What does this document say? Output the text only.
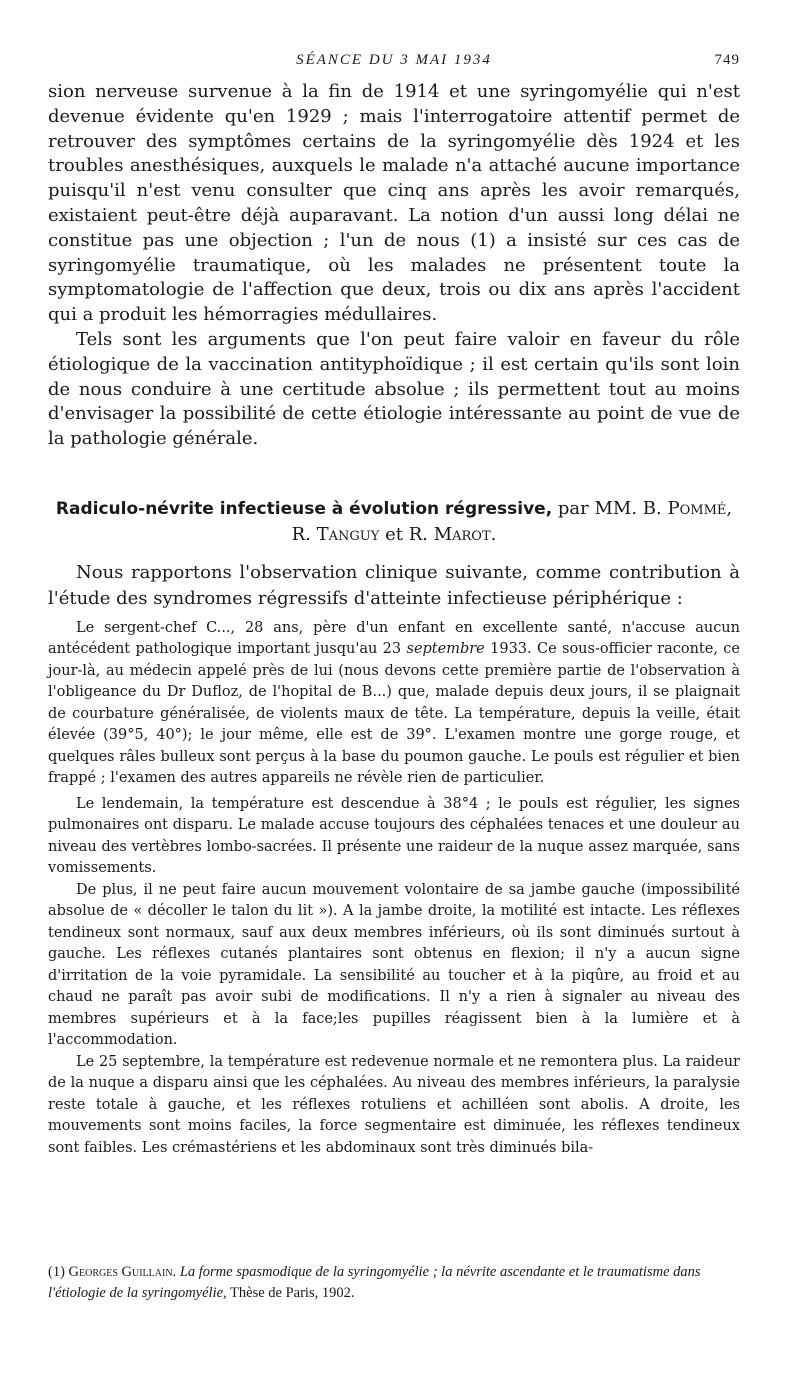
SÉANCE DU 3 MAI 1934	749

sion nerveuse survenue à la fin de 1914 et une syringomyélie qui n'est devenue évidente qu'en 1929 ; mais l'interrogatoire attentif permet de retrouver des symptômes certains de la syringomyélie dès 1924 et les troubles anesthésiques, auxquels le malade n'a attaché aucune importance puisqu'il n'est venu consulter que cinq ans après les avoir remarqués, existaient peut-être déjà auparavant. La notion d'un aussi long délai ne constitue pas une objection ; l'un de nous (1) a insisté sur ces cas de syringomyélie traumatique, où les malades ne présentent toute la symptomatologie de l'affection que deux, trois ou dix ans après l'accident qui a produit les hémorragies médullaires.

Tels sont les arguments que l'on peut faire valoir en faveur du rôle étiologique de la vaccination antityphoïdique ; il est certain qu'ils sont loin de nous conduire à une certitude absolue ; ils permettent tout au moins d'envisager la possibilité de cette étiologie intéressante au point de vue de la pathologie générale.

Radiculo-névrite infectieuse à évolution régressive, par MM. B. Pommé,
R. Tanguy et R. Marot.

Nous rapportons l'observation clinique suivante, comme contribution à l'étude des syndromes régressifs d'atteinte infectieuse périphérique :

Le sergent-chef C..., 28 ans, père d'un enfant en excellente santé, n'accuse aucun antécédent pathologique important jusqu'au 23 septembre 1933. Ce sous-officier raconte, ce jour-là, au médecin appelé près de lui (nous devons cette première partie de l'observation à l'obligeance du Dr Dufloz, de l'hopital de B...) que, malade depuis deux jours, il se plaignait de courbature généralisée, de violents maux de tête. La température, depuis la veille, était élevée (39°5, 40°); le jour même, elle est de 39°. L'examen montre une gorge rouge, et quelques râles bulleux sont perçus à la base du poumon gauche. Le pouls est régulier et bien frappé ; l'examen des autres appareils ne révèle rien de particulier.

Le lendemain, la température est descendue à 38°4 ; le pouls est régulier, les signes pulmonaires ont disparu. Le malade accuse toujours des céphalées tenaces et une douleur au niveau des vertèbres lombo-sacrées. Il présente une raideur de la nuque assez marquée, sans vomissements.

De plus, il ne peut faire aucun mouvement volontaire de sa jambe gauche (impossibilité absolue de « décoller le talon du lit »). A la jambe droite, la motilité est intacte. Les réflexes tendineux sont normaux, sauf aux deux membres inférieurs, où ils sont diminués surtout à gauche. Les réflexes cutanés plantaires sont obtenus en flexion; il n'y a aucun signe d'irritation de la voie pyramidale. La sensibilité au toucher et à la piqûre, au froid et au chaud ne paraît pas avoir subi de modifications. Il n'y a rien à signaler au niveau des membres supérieurs et à la face;les pupilles réagissent bien à la lumière et à l'accommodation.

Le 25 septembre, la température est redevenue normale et ne remontera plus. La raideur de la nuque a disparu ainsi que les céphalées. Au niveau des membres inférieurs, la paralysie reste totale à gauche, et les réflexes rotuliens et achilléen sont abolis. A droite, les mouvements sont moins faciles, la force segmentaire est diminuée, les réflexes tendineux sont faibles. Les crémastériens et les abdominaux sont très diminués bila-

(1) Georges Guillain. La forme spasmodique de la syringomyélie ; la névrite ascendante et le traumatisme dans l'étiologie de la syringomyélie, Thèse de Paris, 1902.
